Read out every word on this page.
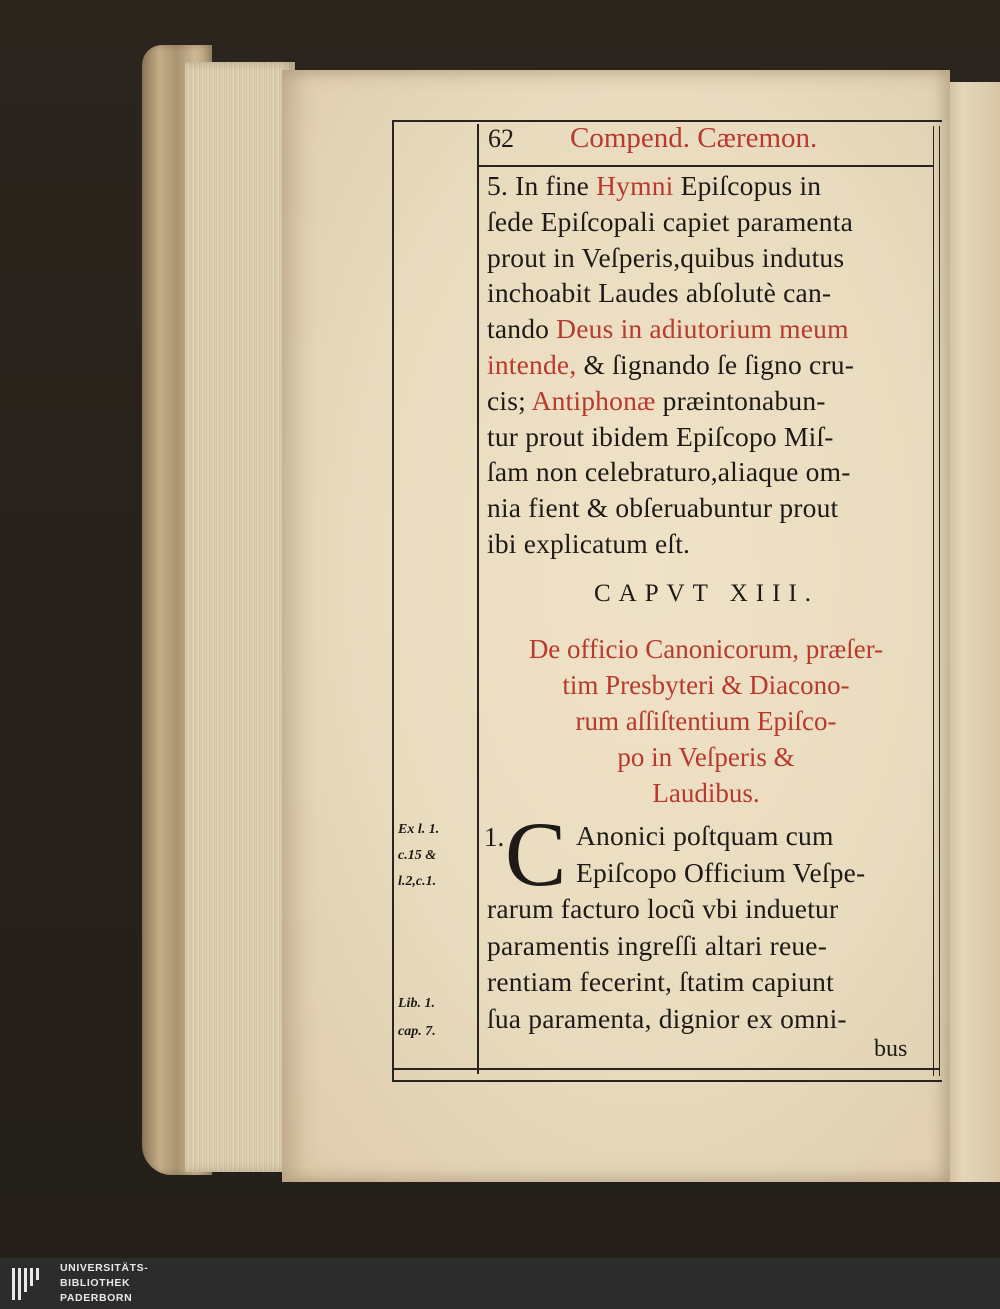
62 Compend. Cæremon.
5. In fine Hymni Epiſcopus in
ſede Epiſcopali capiet paramenta
prout in Veſperis,quibus indutus
inchoabit Laudes abſolutè can-
tando Deus in adiutorium meum
intende, & ſignando ſe ſigno cru-
cis; Antiphonæ præintonabun-
tur prout ibidem Epiſcopo Miſ-
ſam non celebraturo,aliaque om-
nia fient & obſeruabuntur prout
ibi explicatum eſt.
CAPVT XIII.
De officio Canonicorum, præſer-
tim Presbyteri & Diacono-
rum aſſiſtentium Epiſco-
po in Veſperis &
Laudibus.
1. C Anonici poſtquam cum
Epiſcopo Officium Veſpe-
rarum facturo locũ vbi induetur
paramentis ingreſſi altari reue-
rentiam fecerint, ſtatim capiunt
ſua paramenta, dignior ex omni-
bus
Ex l. 1.
c.15 &
l.2,c.1.
Lib. 1.
cap. 7.
UNIVERSITÄTS-
BIBLIOTHEK
PADERBORN
